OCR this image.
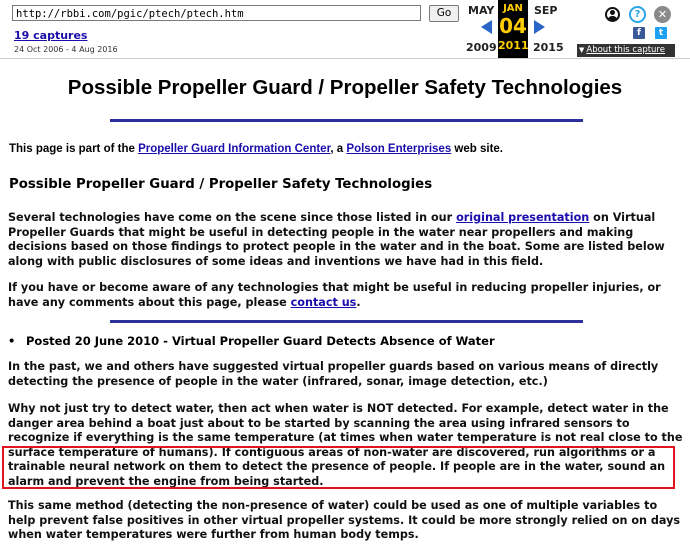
http://rbbi.com/pgic/ptech/ptech.htm	Go
19 captures
24 Oct 2006 - 4 Aug 2016
MAY	SEP
JAN
04
2011
2009	2015
?	✕
f	t
▼ About this capture
Possible Propeller Guard / Propeller Safety Technologies
This page is part of the Propeller Guard Information Center, a Polson Enterprises web site.
Possible Propeller Guard / Propeller Safety Technologies

Several technologies have come on the scene since those listed in our original presentation on Virtual Propeller Guards that might be useful in detecting people in the water near propellers and making decisions based on those findings to protect people in the water and in the boat. Some are listed below along with public disclosures of some ideas and inventions we have had in this field.

If you have or become aware of any technologies that might be useful in reducing propeller injuries, or have any comments about this page, please contact us.

• Posted 20 June 2010 - Virtual Propeller Guard Detects Absence of Water

In the past, we and others have suggested virtual propeller guards based on various means of directly detecting the presence of people in the water (infrared, sonar, image detection, etc.)

Why not just try to detect water, then act when water is NOT detected. For example, detect water in the danger area behind a boat just about to be started by scanning the area using infrared sensors to recognize if everything is the same temperature (at times when water temperature is not real close to the surface temperature of humans). If contiguous areas of non-water are discovered, run algorithms or a trainable neural network on them to detect the presence of people. If people are in the water, sound an alarm and prevent the engine from being started.

This same method (detecting the non-presence of water) could be used as one of multiple variables to help prevent false positives in other virtual propeller systems. It could be more strongly relied on on days when water temperatures were further from human body temps.
